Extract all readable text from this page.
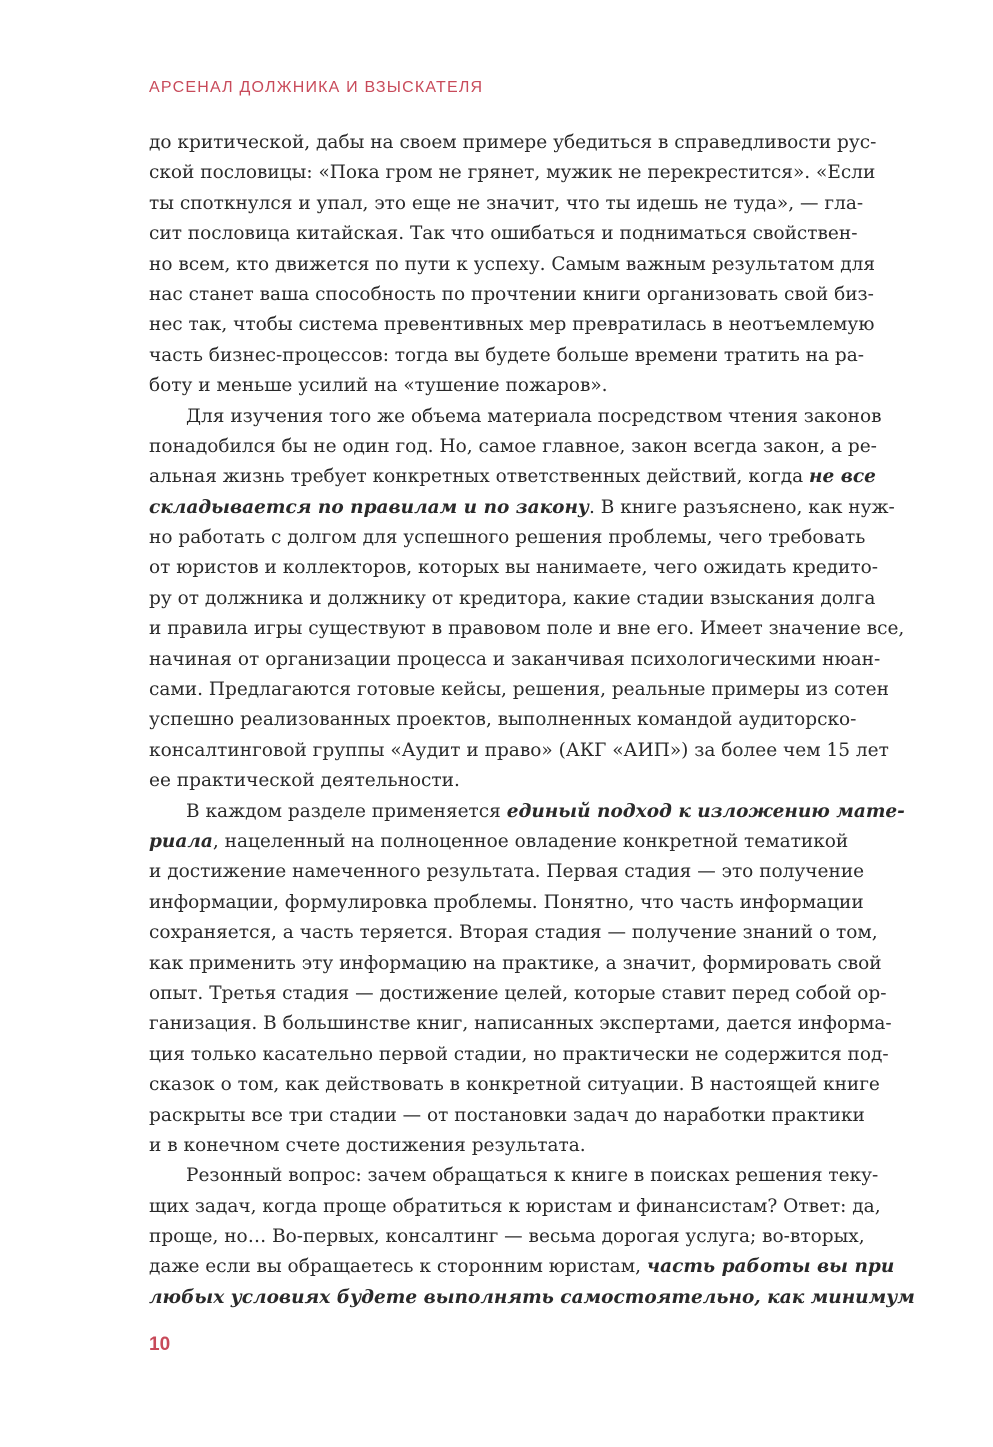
АРСЕНАЛ ДОЛЖНИКА И ВЗЫСКАТЕЛЯ
до критической, дабы на своем примере убедиться в справедливости рус-
ской пословицы: «Пока гром не грянет, мужик не перекрестится». «Если
ты споткнулся и упал, это еще не значит, что ты идешь не туда», — гла-
сит пословица китайская. Так что ошибаться и подниматься свойствен-
но всем, кто движется по пути к успеху. Самым важным результатом для
нас станет ваша способность по прочтении книги организовать свой биз-
нес так, чтобы система превентивных мер превратилась в неотъемлемую
часть бизнес-процессов: тогда вы будете больше времени тратить на ра-
боту и меньше усилий на «тушение пожаров».
Для изучения того же объема материала посредством чтения законов
понадобился бы не один год. Но, самое главное, закон всегда закон, а ре-
альная жизнь требует конкретных ответственных действий, когда не все
складывается по правилам и по закону. В книге разъяснено, как нуж-
но работать с долгом для успешного решения проблемы, чего требовать
от юристов и коллекторов, которых вы нанимаете, чего ожидать кредито-
ру от должника и должнику от кредитора, какие стадии взыскания долга
и правила игры существуют в правовом поле и вне его. Имеет значение все,
начиная от организации процесса и заканчивая психологическими нюан-
сами. Предлагаются готовые кейсы, решения, реальные примеры из сотен
успешно реализованных проектов, выполненных командой аудиторско-
консалтинговой группы «Аудит и право» (АКГ «АИП») за более чем 15 лет
ее практической деятельности.
В каждом разделе применяется единый подход к изложению мате-
риала, нацеленный на полноценное овладение конкретной тематикой
и достижение намеченного результата. Первая стадия — это получение
информации, формулировка проблемы. Понятно, что часть информации
сохраняется, а часть теряется. Вторая стадия — получение знаний о том,
как применить эту информацию на практике, а значит, формировать свой
опыт. Третья стадия — достижение целей, которые ставит перед собой ор-
ганизация. В большинстве книг, написанных экспертами, дается информа-
ция только касательно первой стадии, но практически не содержится под-
сказок о том, как действовать в конкретной ситуации. В настоящей книге
раскрыты все три стадии — от постановки задач до наработки практики
и в конечном счете достижения результата.
Резонный вопрос: зачем обращаться к книге в поисках решения теку-
щих задач, когда проще обратиться к юристам и финансистам? Ответ: да,
проще, но… Во-первых, консалтинг — весьма дорогая услуга; во-вторых,
даже если вы обращаетесь к сторонним юристам, часть работы вы при
любых условиях будете выполнять самостоятельно, как минимум
10
